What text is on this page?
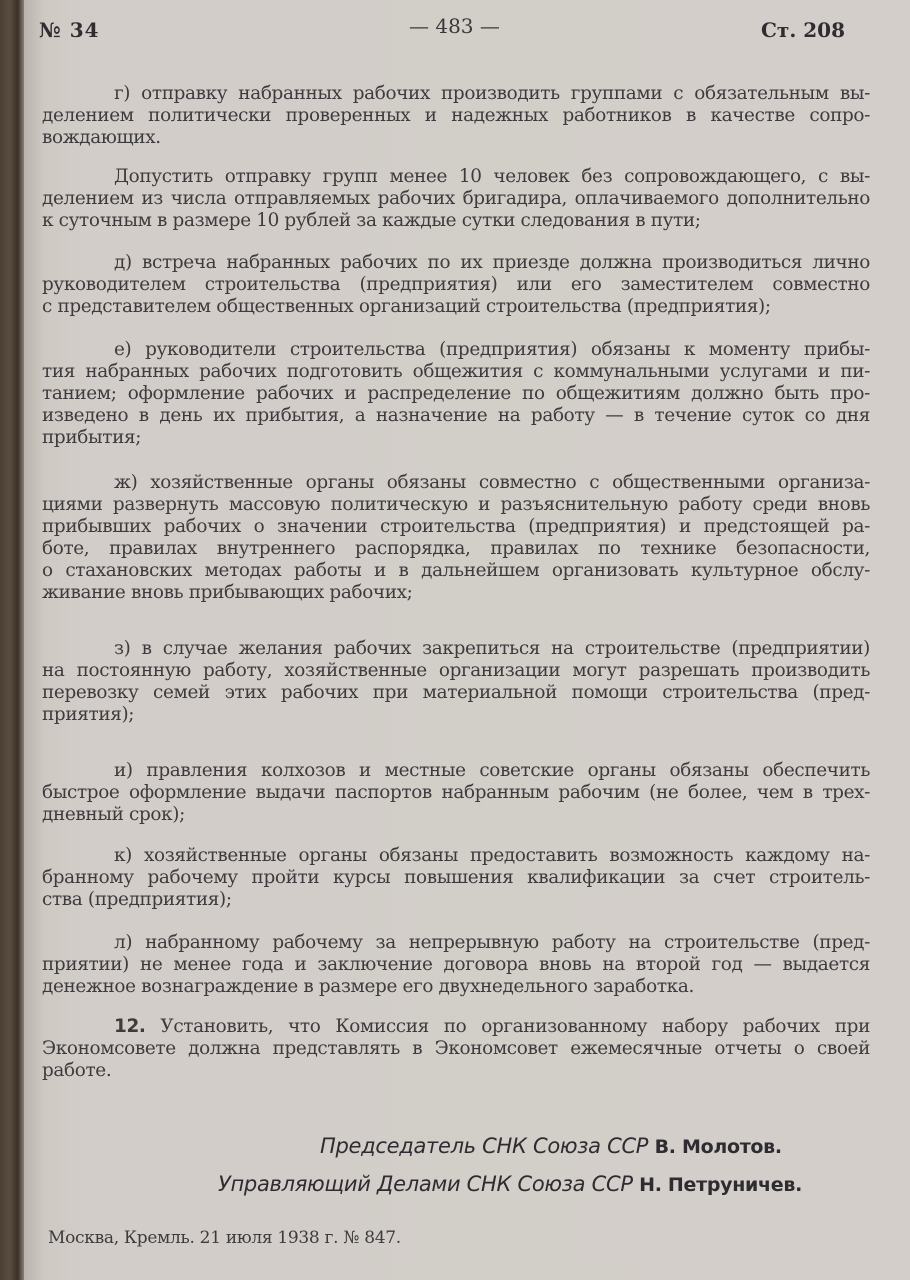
№ 34	— 483 —	Ст. 208
г) отправку набранных рабочих производить группами с обязательным вы-
делением политически проверенных и надежных работников в качестве сопро-
вождающих.
Допустить отправку групп менее 10 человек без сопровождающего, с вы-
делением из числа отправляемых рабочих бригадира, оплачиваемого дополнительно
к суточным в размере 10 рублей за каждые сутки следования в пути;
д) встреча набранных рабочих по их приезде должна производиться лично
руководителем строительства (предприятия) или его заместителем совместно
с представителем общественных организаций строительства (предприятия);
е) руководители строительства (предприятия) обязаны к моменту прибы-
тия набранных рабочих подготовить общежития с коммунальными услугами и пи-
танием; оформление рабочих и распределение по общежитиям должно быть про-
изведено в день их прибытия, а назначение на работу — в течение суток со дня
прибытия;
ж) хозяйственные органы обязаны совместно с общественными организа-
циями развернуть массовую политическую и разъяснительную работу среди вновь
прибывших рабочих о значении строительства (предприятия) и предстоящей ра-
боте, правилах внутреннего распорядка, правилах по технике безопасности,
о стахановских методах работы и в дальнейшем организовать культурное обслу-
живание вновь прибывающих рабочих;
з) в случае желания рабочих закрепиться на строительстве (предприятии)
на постоянную работу, хозяйственные организации могут разрешать производить
перевозку семей этих рабочих при материальной помощи строительства (пред-
приятия);
и) правления колхозов и местные советские органы обязаны обеспечить
быстрое оформление выдачи паспортов набранным рабочим (не более, чем в трех-
дневный срок);
к) хозяйственные органы обязаны предоставить возможность каждому на-
бранному рабочему пройти курсы повышения квалификации за счет строитель-
ства (предприятия);
л) набранному рабочему за непрерывную работу на строительстве (пред-
приятии) не менее года и заключение договора вновь на второй год — выдается
денежное вознаграждение в размере его двухнедельного заработка.
12. Установить, что Комиссия по организованному набору рабочих при
Экономсовете должна представлять в Экономсовет ежемесячные отчеты о своей
работе.
Председатель СНК Союза ССР В. Молотов.
Управляющий Делами СНК Союза ССР Н. Петруничев.
Москва, Кремль. 21 июля 1938 г. № 847.
